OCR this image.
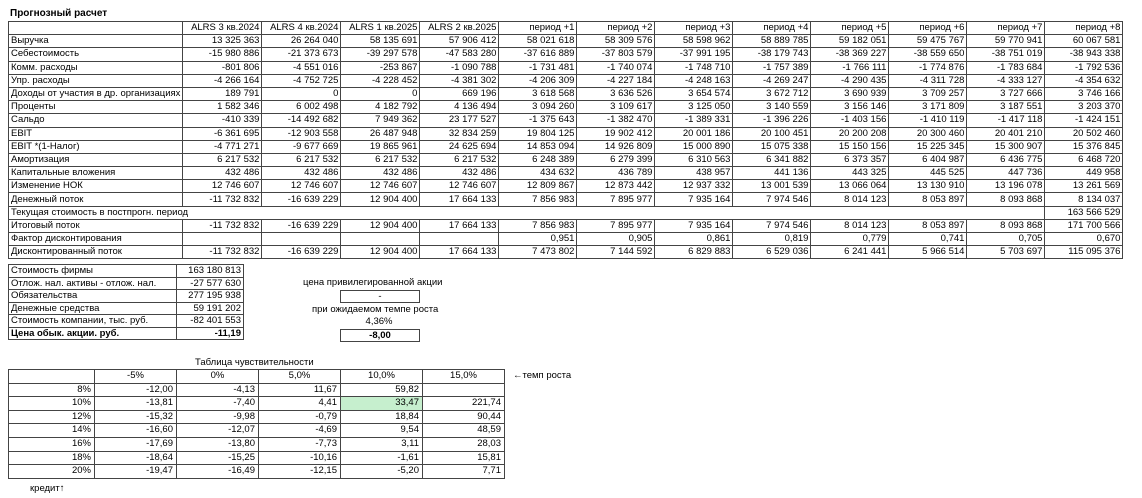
Прогнозный расчет
	ALRS 3 кв.2024	ALRS 4 кв.2024	ALRS 1 кв.2025	ALRS 2 кв.2025	период +1	период +2	период +3	период +4	период +5	период +6	период +7	период +8
Выручка	13 325 363	26 264 040	58 135 691	57 906 412	58 021 618	58 309 576	58 598 962	58 889 785	59 182 051	59 475 767	59 770 941	60 067 581
Себестоимость	-15 980 886	-21 373 673	-39 297 578	-47 583 280	-37 616 889	-37 803 579	-37 991 195	-38 179 743	-38 369 227	-38 559 650	-38 751 019	-38 943 338
Комм. расходы	-801 806	-4 551 016	-253 867	-1 090 788	-1 731 481	-1 740 074	-1 748 710	-1 757 389	-1 766 111	-1 774 876	-1 783 684	-1 792 536
Упр. расходы	-4 266 164	-4 752 725	-4 228 452	-4 381 302	-4 206 309	-4 227 184	-4 248 163	-4 269 247	-4 290 435	-4 311 728	-4 333 127	-4 354 632
Доходы от участия в др. организациях	189 791	0	0	669 196	3 618 568	3 636 526	3 654 574	3 672 712	3 690 939	3 709 257	3 727 666	3 746 166
Проценты	1 582 346	6 002 498	4 182 792	4 136 494	3 094 260	3 109 617	3 125 050	3 140 559	3 156 146	3 171 809	3 187 551	3 203 370
Сальдо	-410 339	-14 492 682	7 949 362	23 177 527	-1 375 643	-1 382 470	-1 389 331	-1 396 226	-1 403 156	-1 410 119	-1 417 118	-1 424 151
EBIT	-6 361 695	-12 903 558	26 487 948	32 834 259	19 804 125	19 902 412	20 001 186	20 100 451	20 200 208	20 300 460	20 401 210	20 502 460
EBIT *(1-Налог)	-4 771 271	-9 677 669	19 865 961	24 625 694	14 853 094	14 926 809	15 000 890	15 075 338	15 150 156	15 225 345	15 300 907	15 376 845
Амортизация	6 217 532	6 217 532	6 217 532	6 217 532	6 248 389	6 279 399	6 310 563	6 341 882	6 373 357	6 404 987	6 436 775	6 468 720
Капитальные вложения	432 486	432 486	432 486	432 486	434 632	436 789	438 957	441 136	443 325	445 525	447 736	449 958
Изменение НОК	12 746 607	12 746 607	12 746 607	12 746 607	12 809 867	12 873 442	12 937 332	13 001 539	13 066 064	13 130 910	13 196 078	13 261 569
Денежный поток	-11 732 832	-16 639 229	12 904 400	17 664 133	7 856 983	7 895 977	7 935 164	7 974 546	8 014 123	8 053 897	8 093 868	8 134 037
Текущая стоимость в постпрогн. период												163 566 529
Итоговый поток	-11 732 832	-16 639 229	12 904 400	17 664 133	7 856 983	7 895 977	7 935 164	7 974 546	8 014 123	8 053 897	8 093 868	171 700 566
Фактор дисконтирования					0,951	0,905	0,861	0,819	0,779	0,741	0,705	0,670
Дисконтированный поток	-11 732 832	-16 639 229	12 904 400	17 664 133	7 473 802	7 144 592	6 829 883	6 529 036	6 241 441	5 966 514	5 703 697	115 095 376
Стоимость фирмы	163 180 813
Отлож. нал. активы - отлож. нал.	-27 577 630
Обязательства	277 195 938
Денежные средства	59 191 202
Стоимость компании, тыс. руб.	-82 401 553
Цена обык. акции. руб.	-11,19
цена привилегированной акции
-
при ожидаемом темпе роста
4,36%
-8,00
Таблица чувствительности
	-5%	0%	5,0%	10,0%	15,0%
8%	-12,00	-4,13	11,67	59,82	
10%	-13,81	-7,40	4,41	33,47	221,74
12%	-15,32	-9,98	-0,79	18,84	90,44
14%	-16,60	-12,07	-4,69	9,54	48,59
16%	-17,69	-13,80	-7,73	3,11	28,03
18%	-18,64	-15,25	-10,16	-1,61	15,81
20%	-19,47	-16,49	-12,15	-5,20	7,71
←темп роста
кредит↑
